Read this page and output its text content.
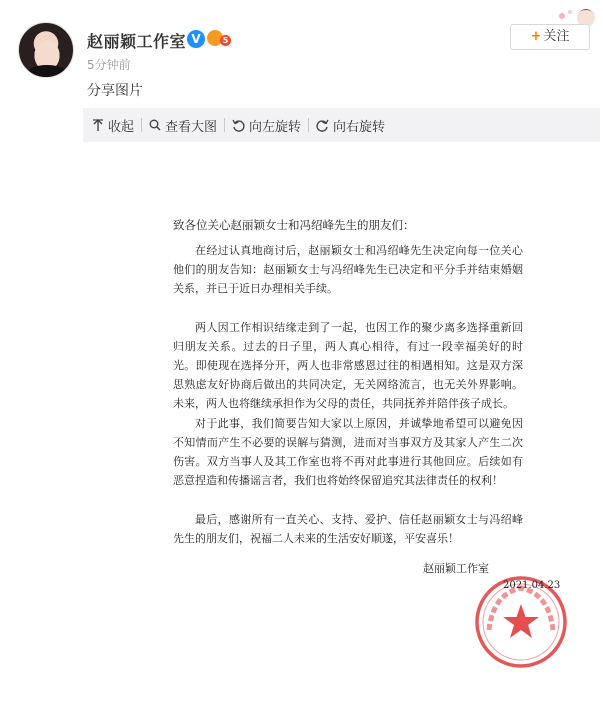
赵丽颖工作室 V	5
5分钟前
+ 关注
分享图片
收起 查看大图 向左旋转 向右旋转
致各位关心赵丽颖女士和冯绍峰先生的朋友们：
在经过认真地商讨后，赵丽颖女士和冯绍峰先生决定向每一位关心他们的朋友告知：赵丽颖女士与冯绍峰先生已决定和平分手并结束婚姻关系，并已于近日办理相关手续。
两人因工作相识结缘走到了一起，也因工作的聚少离多选择重新回归朋友关系。过去的日子里，两人真心相待，有过一段幸福美好的时光。即使现在选择分开，两人也非常感恩过往的相遇相知。这是双方深思熟虑友好协商后做出的共同决定，无关网络流言，也无关外界影响。未来，两人也将继续承担作为父母的责任，共同抚养并陪伴孩子成长。
对于此事，我们简要告知大家以上原因，并诚挚地希望可以避免因不知情而产生不必要的误解与猜测，进而对当事双方及其家人产生二次伤害。双方当事人及其工作室也将不再对此事进行其他回应。后续如有恶意捏造和传播谣言者，我们也将始终保留追究其法律责任的权利！
最后，感谢所有一直关心、支持、爱护、信任赵丽颖女士与冯绍峰先生的朋友们，祝福二人未来的生活安好顺遂，平安喜乐！
赵丽颖工作室
2021.04.23
